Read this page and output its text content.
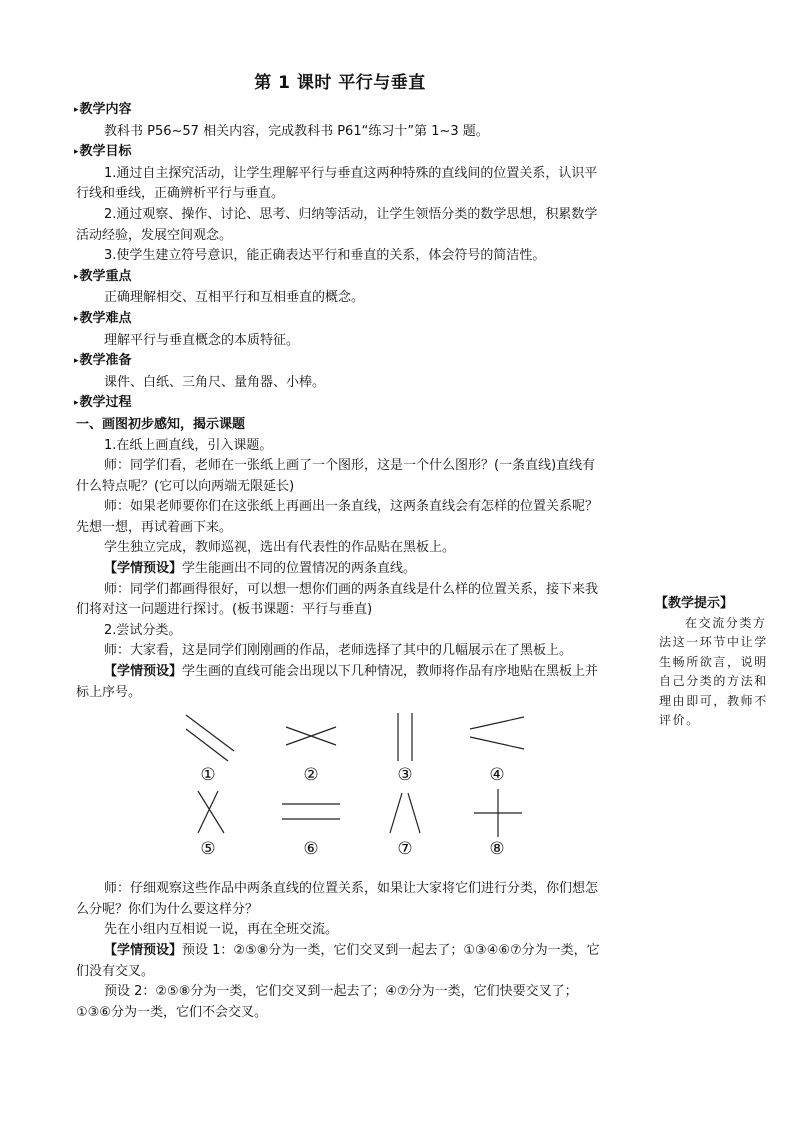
第 1 课时 平行与垂直
▸ 教学内容
教科书 P56~57 相关内容，完成教科书 P61“练习十”第 1~3 题。
▸ 教学目标
1.通过自主探究活动，让学生理解平行与垂直这两种特殊的直线间的位置关系，认识平行线和垂线，正确辨析平行与垂直。
2.通过观察、操作、讨论、思考、归纳等活动，让学生领悟分类的数学思想，积累数学活动经验，发展空间观念。
3.使学生建立符号意识，能正确表达平行和垂直的关系，体会符号的简洁性。
▸ 教学重点
正确理解相交、互相平行和互相垂直的概念。
▸ 教学难点
理解平行与垂直概念的本质特征。
▸ 教学准备
课件、白纸、三角尺、量角器、小棒。
▸ 教学过程
一、画图初步感知，揭示课题
1.在纸上画直线，引入课题。
师：同学们看，老师在一张纸上画了一个图形，这是一个什么图形？(一条直线)直线有什么特点呢？(它可以向两端无限延长)
师：如果老师要你们在这张纸上再画出一条直线，这两条直线会有怎样的位置关系呢？先想一想，再试着画下来。
学生独立完成，教师巡视，选出有代表性的作品贴在黑板上。
【学情预设】学生能画出不同的位置情况的两条直线。
师：同学们都画得很好，可以想一想你们画的两条直线是什么样的位置关系，接下来我们将对这一问题进行探讨。(板书课题：平行与垂直)
2.尝试分类。
师：大家看，这是同学们刚刚画的作品，老师选择了其中的几幅展示在了黑板上。
【学情预设】学生画的直线可能会出现以下几种情况，教师将作品有序地贴在黑板上并标上序号。
①	②	③	④
⑤	⑥	⑦	⑧
师：仔细观察这些作品中两条直线的位置关系，如果让大家将它们进行分类，你们想怎么分呢？你们为什么要这样分？
先在小组内互相说一说，再在全班交流。
【学情预设】预设 1：②⑤⑧分为一类，它们交叉到一起去了；①③④⑥⑦分为一类，它们没有交叉。
预设 2：②⑤⑧分为一类，它们交叉到一起去了；④⑦分为一类，它们快要交叉了；①③⑥分为一类，它们不会交叉。
【教学提示】
在交流分类方法这一环节中让学生畅所欲言，说明自己分类的方法和理由即可，教师不评价。
